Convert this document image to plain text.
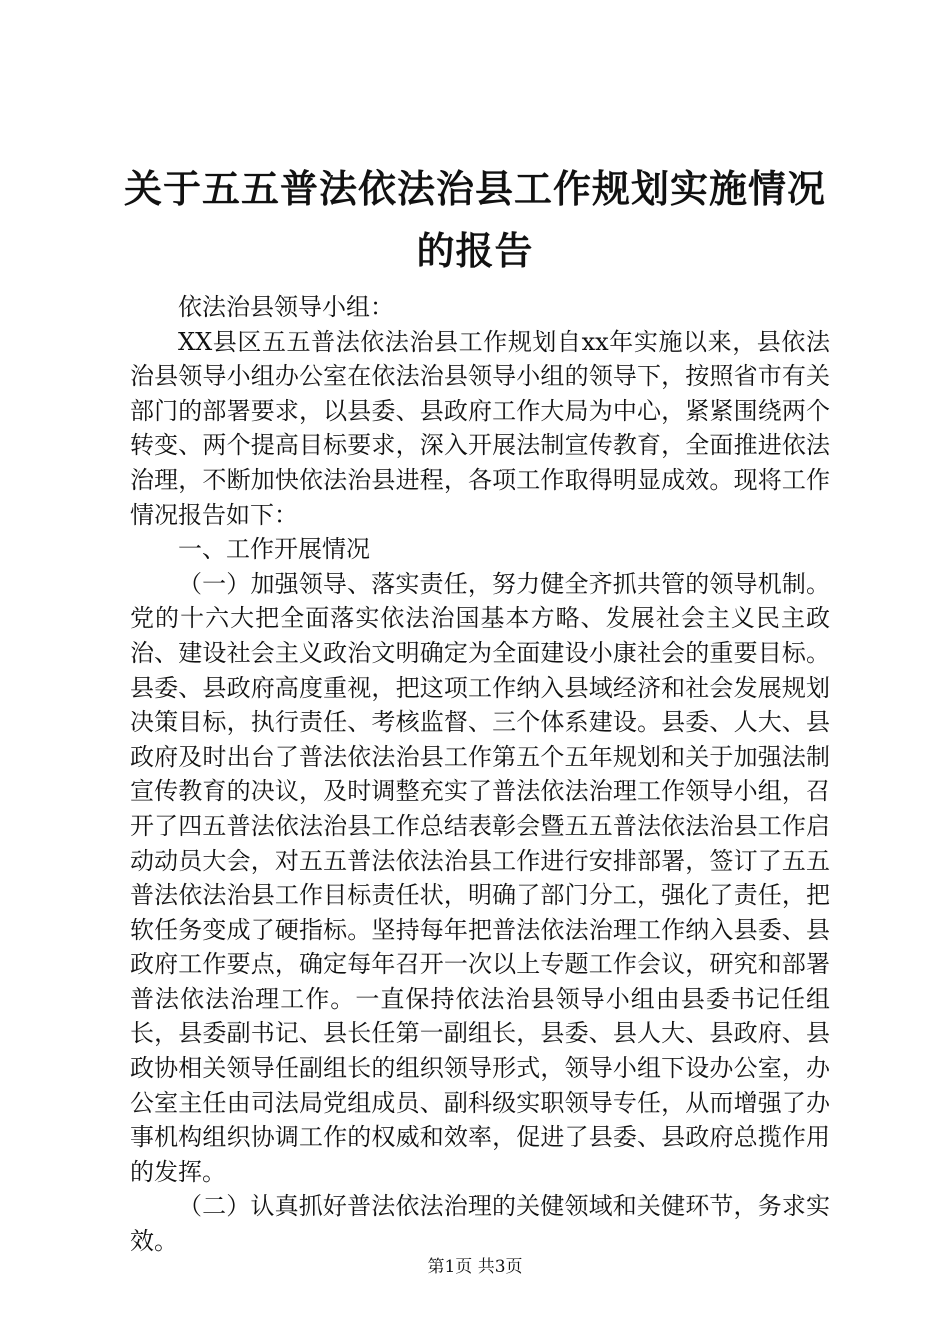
关于五五普法依法治县工作规划实施情况的报告

依法治县领导小组：

XX县区五五普法依法治县工作规划自xx年实施以来，县依法治县领导小组办公室在依法治县领导小组的领导下，按照省市有关部门的部署要求，以县委、县政府工作大局为中心，紧紧围绕两个转变、两个提高目标要求，深入开展法制宣传教育，全面推进依法治理，不断加快依法治县进程，各项工作取得明显成效。现将工作情况报告如下：

一、工作开展情况

（一）加强领导、落实责任，努力健全齐抓共管的领导机制。党的十六大把全面落实依法治国基本方略、发展社会主义民主政治、建设社会主义政治文明确定为全面建设小康社会的重要目标。县委、县政府高度重视，把这项工作纳入县域经济和社会发展规划决策目标，执行责任、考核监督、三个体系建设。县委、人大、县政府及时出台了普法依法治县工作第五个五年规划和关于加强法制宣传教育的决议，及时调整充实了普法依法治理工作领导小组，召开了四五普法依法治县工作总结表彰会暨五五普法依法治县工作启动动员大会，对五五普法依法治县工作进行安排部署，签订了五五普法依法治县工作目标责任状，明确了部门分工，强化了责任，把软任务变成了硬指标。坚持每年把普法依法治理工作纳入县委、县政府工作要点，确定每年召开一次以上专题工作会议，研究和部署普法依法治理工作。一直保持依法治县领导小组由县委书记任组长，县委副书记、县长任第一副组长，县委、县人大、县政府、县政协相关领导任副组长的组织领导形式，领导小组下设办公室，办公室主任由司法局党组成员、副科级实职领导专任，从而增强了办事机构组织协调工作的权威和效率，促进了县委、县政府总揽作用的发挥。

（二）认真抓好普法依法治理的关健领域和关健环节，务求实效。

第1页 共3页
